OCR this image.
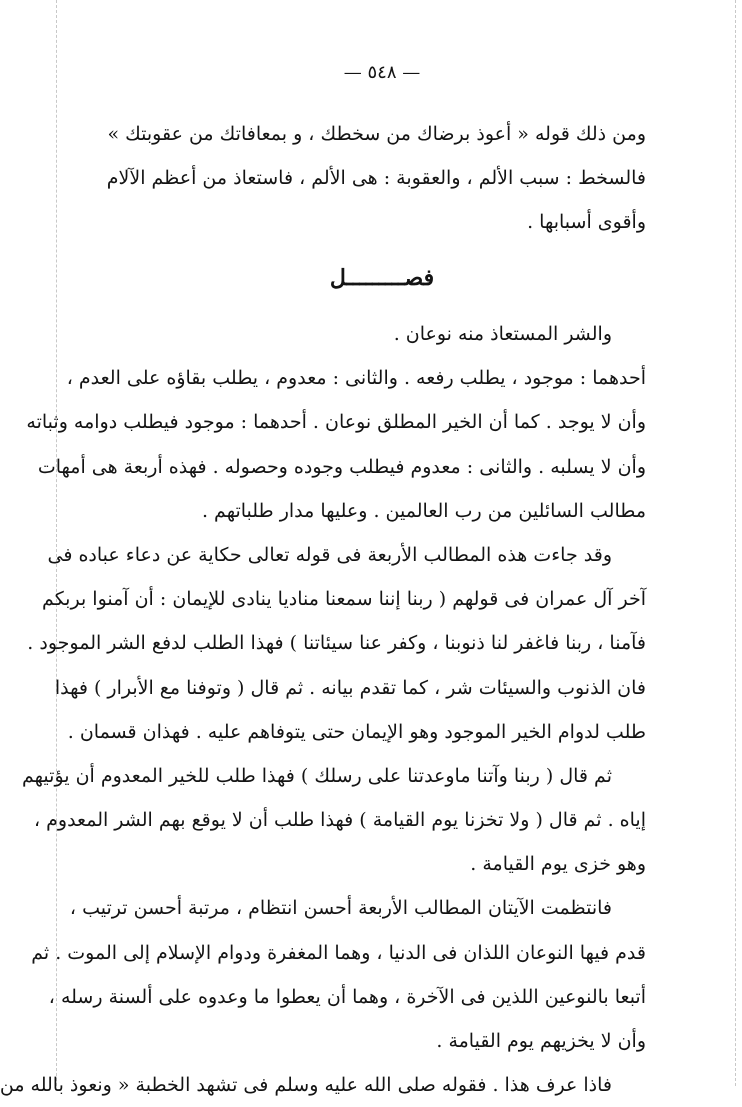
— ٥٤٨ —
ومن ذلك قوله « أعوذ برضاك من سخطك ، و بمعافاتك من عقوبتك »
فالسخط : سبب الألم ، والعقوبة : هى الألم ، فاستعاذ من أعظم الآلام
وأقوى أسبابها .
فصـــــــــل
والشر المستعاذ منه نوعان .
أحدهما : موجود ، يطلب رفعه . والثانى : معدوم ، يطلب بقاؤه على العدم ،
وأن لا يوجد . كما أن الخير المطلق نوعان . أحدهما : موجود فيطلب دوامه وثباته
وأن لا يسلبه . والثانى : معدوم فيطلب وجوده وحصوله . فهذه أربعة هى أمهات
مطالب السائلين من رب العالمين . وعليها مدار طلباتهم .
وقد جاءت هذه المطالب الأربعة فى قوله تعالى حكاية عن دعاء عباده فى
آخر آل عمران فى قولهم ( ربنا إننا سمعنا مناديا ينادى للإيمان : أن آمنوا بربكم
فآمنا ، ربنا فاغفر لنا ذنوبنا ، وكفر عنا سيئاتنا ) فهذا الطلب لدفع الشر الموجود .
فان الذنوب والسيئات شر ، كما تقدم بيانه . ثم قال ( وتوفنا مع الأبرار ) فهذا
طلب لدوام الخير الموجود وهو الإيمان حتى يتوفاهم عليه . فهذان قسمان .
ثم قال ( ربنا وآتنا ماوعدتنا على رسلك ) فهذا طلب للخير المعدوم أن يؤتيهم
إياه . ثم قال ( ولا تخزنا يوم القيامة ) فهذا طلب أن لا يوقع بهم الشر المعدوم ،
وهو خزى يوم القيامة .
فانتظمت الآيتان المطالب الأربعة أحسن انتظام ، مرتبة أحسن ترتيب ،
قدم فيها النوعان اللذان فى الدنيا ، وهما المغفرة ودوام الإسلام إلى الموت . ثم
أتبعا بالنوعين اللذين فى الآخرة ، وهما أن يعطوا ما وعدوه على ألسنة رسله ،
وأن لا يخزيهم يوم القيامة .
فاذا عرف هذا . فقوله صلى الله عليه وسلم فى تشهد الخطبة « ونعوذ بالله من
